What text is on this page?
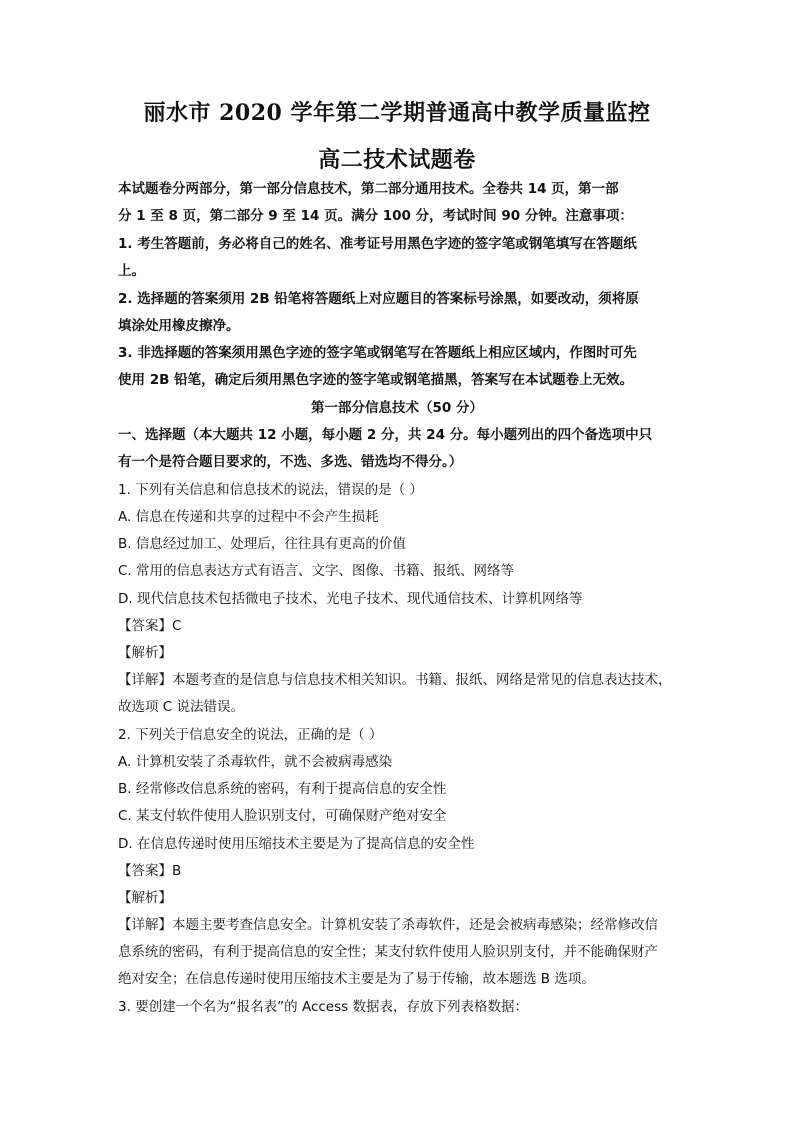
丽水市 2020 学年第二学期普通高中教学质量监控
高二技术试题卷
本试题卷分两部分，第一部分信息技术，第二部分通用技术。全卷共 14 页，第一部
分 1 至 8 页，第二部分 9 至 14 页。满分 100 分，考试时间 90 分钟。注意事项：
1. 考生答题前，务必将自己的姓名、准考证号用黑色字迹的签字笔或钢笔填写在答题纸
上。
2. 选择题的答案须用 2B 铅笔将答题纸上对应题目的答案标号涂黑，如要改动，须将原
填涂处用橡皮擦净。
3. 非选择题的答案须用黑色字迹的签字笔或钢笔写在答题纸上相应区域内，作图时可先
使用 2B 铅笔，确定后须用黑色字迹的签字笔或钢笔描黑，答案写在本试题卷上无效。
第一部分信息技术（50 分）
一、选择题（本大题共 12 小题，每小题 2 分，共 24 分。每小题列出的四个备选项中只
有一个是符合题目要求的，不选、多选、错选均不得分。）
1. 下列有关信息和信息技术的说法，错误的是（ ）
A. 信息在传递和共享的过程中不会产生损耗
B. 信息经过加工、处理后，往往具有更高的价值
C. 常用的信息表达方式有语言、文字、图像、书籍、报纸、网络等
D. 现代信息技术包括微电子技术、光电子技术、现代通信技术、计算机网络等
【答案】C
【解析】
【详解】本题考查的是信息与信息技术相关知识。书籍、报纸、网络是常见的信息表达技术，
故选项 C 说法错误。
2. 下列关于信息安全的说法，正确的是（ ）
A. 计算机安装了杀毒软件，就不会被病毒感染
B. 经常修改信息系统的密码，有利于提高信息的安全性
C. 某支付软件使用人脸识别支付，可确保财产绝对安全
D. 在信息传递时使用压缩技术主要是为了提高信息的安全性
【答案】B
【解析】
【详解】本题主要考查信息安全。计算机安装了杀毒软件，还是会被病毒感染；经常修改信
息系统的密码，有利于提高信息的安全性；某支付软件使用人脸识别支付，并不能确保财产
绝对安全；在信息传递时使用压缩技术主要是为了易于传输，故本题选 B 选项。
3. 要创建一个名为“报名表”的 Access 数据表，存放下列表格数据：
